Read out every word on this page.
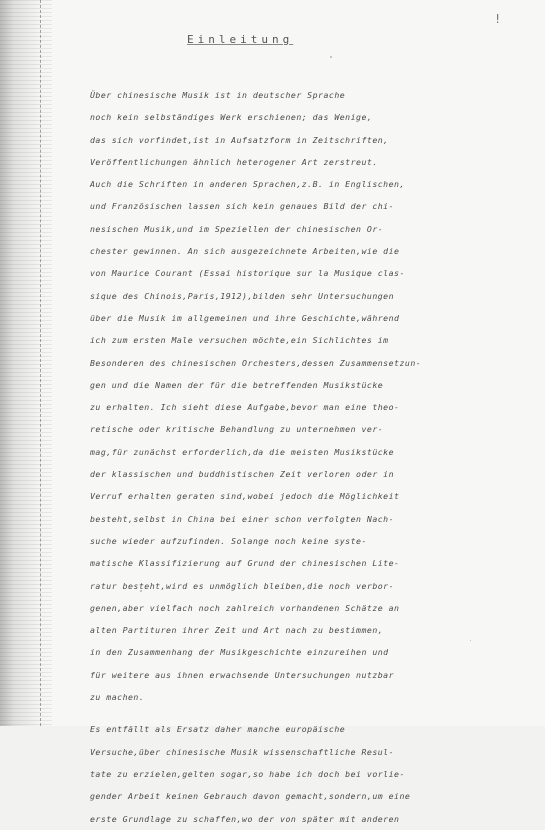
!
Einleitung
Über chinesische Musik ist in deutscher Sprache
noch kein selbständiges Werk erschienen; das Wenige,
das sich vorfindet,ist in Aufsatzform in Zeitschriften,
Veröffentlichungen ähnlich heterogener Art zerstreut.
Auch die Schriften in anderen Sprachen,z.B. in Englischen,
und Französischen lassen sich kein genaues Bild der chi-
nesischen Musik,und im Speziellen der chinesischen Or-
chester gewinnen. An sich ausgezeichnete Arbeiten,wie die
von Maurice Courant (Essai historique sur la Musique clas-
sique des Chinois,Paris,1912),bilden sehr Untersuchungen
über die Musik im allgemeinen und ihre Geschichte,während
ich zum ersten Male versuchen möchte,ein Sichlichtes im
Besonderen des chinesischen Orchesters,dessen Zusammensetzun-
gen und die Namen der für die betreffenden Musikstücke
zu erhalten. Ich sieht diese Aufgabe,bevor man eine theo-
retische oder kritische Behandlung zu unternehmen ver-
mag,für zunächst erforderlich,da die meisten Musikstücke
der klassischen und buddhistischen Zeit verloren oder in
Verruf erhalten geraten sind,wobei jedoch die Möglichkeit
besteht,selbst in China bei einer schon verfolgten Nach-
suche wieder aufzufinden. Solange noch keine syste-
matische Klassifizierung auf Grund der chinesischen Lite-
ratur besteht,wird es unmöglich bleiben,die noch verbor-
genen,aber vielfach noch zahlreich vorhandenen Schätze an
alten Partituren ihrer Zeit und Art nach zu bestimmen,
in den Zusammenhang der Musikgeschichte einzureihen und
für weitere aus ihnen erwachsende Untersuchungen nutzbar
zu machen.
Es entfällt als Ersatz daher manche europäische
Versuche,über chinesische Musik wissenschaftliche Resul-
tate zu erzielen,gelten sogar,so habe ich doch bei vorlie-
gender Arbeit keinen Gebrauch davon gemacht,sondern,um eine
erste Grundlage zu schaffen,wo der von später mit anderen
